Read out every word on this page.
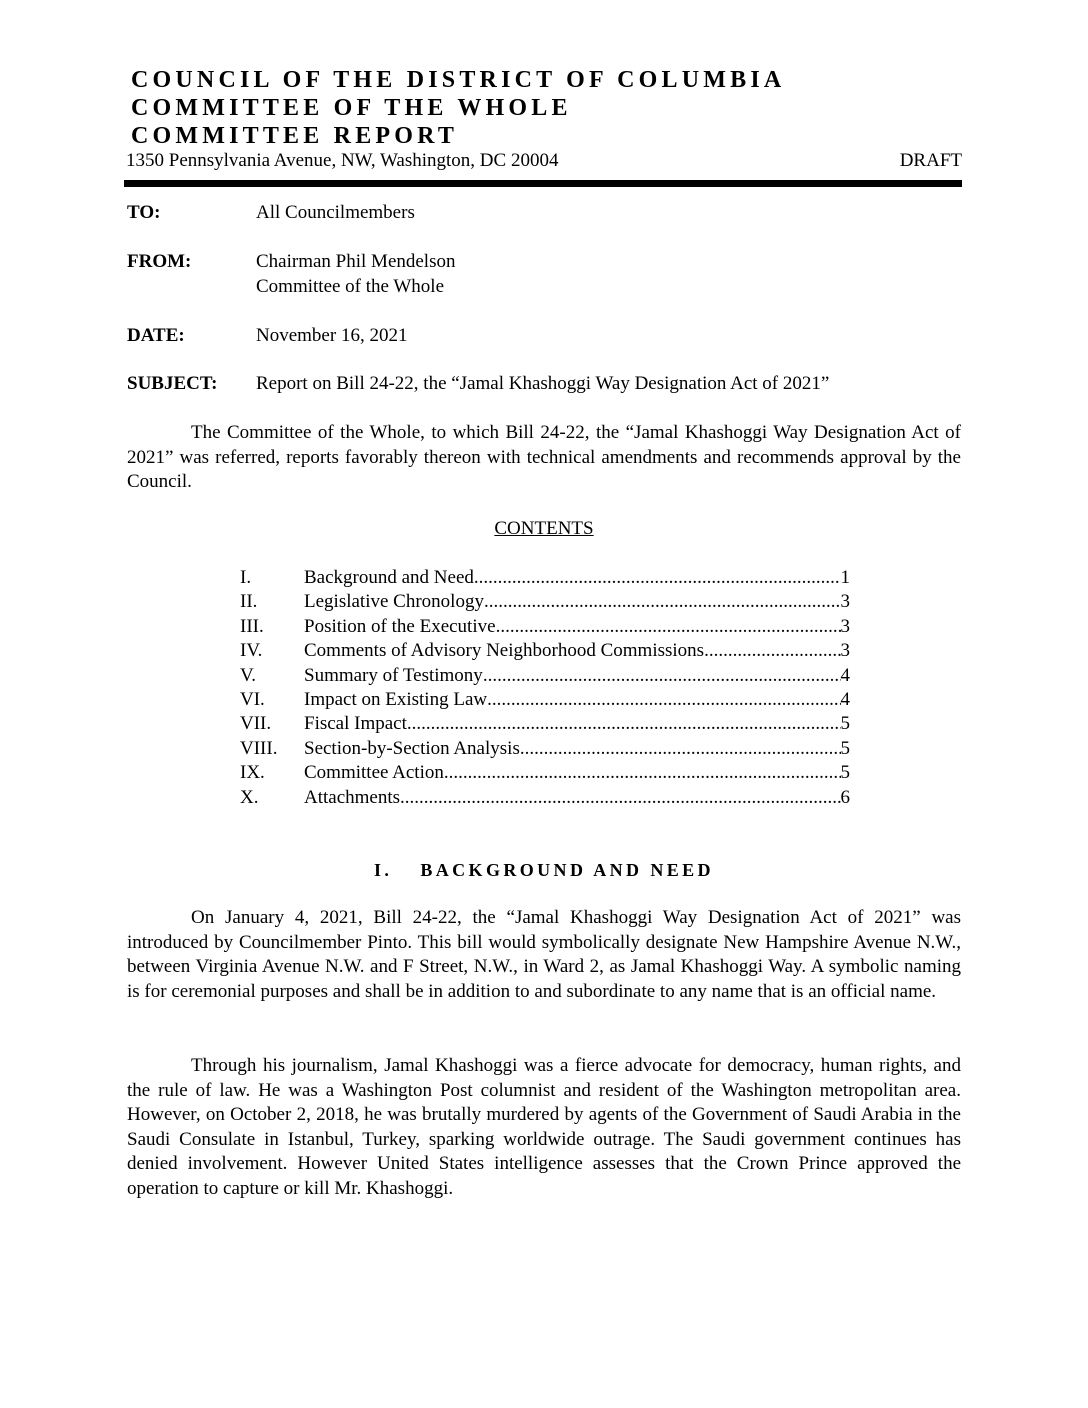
COUNCIL OF THE DISTRICT OF COLUMBIA
COMMITTEE OF THE WHOLE
COMMITTEE REPORT
1350 Pennsylvania Avenue, NW, Washington, DC 20004	DRAFT
TO:	All Councilmembers
FROM:	Chairman Phil Mendelson
Committee of the Whole
DATE:	November 16, 2021
SUBJECT: Report on Bill 24-22, the “Jamal Khashoggi Way Designation Act of 2021”

The Committee of the Whole, to which Bill 24-22, the “Jamal Khashoggi Way Designation Act of 2021” was referred, reports favorably thereon with technical amendments and recommends approval by the Council.

CONTENTS
I.	Background and Need .....	1
II. Legislative Chronology .....	3
III. Position of the Executive .....	3
IV. Comments of Advisory Neighborhood Commissions .....	3
V.	Summary of Testimony .....	4
VI. Impact on Existing Law .....	4
VII. Fiscal Impact .....	5
VIII. Section-by-Section Analysis .....	5
IX. Committee Action .....	5
X. Attachments .....	6
I. BACKGROUND AND NEED

On January 4, 2021, Bill 24-22, the “Jamal Khashoggi Way Designation Act of 2021” was introduced by Councilmember Pinto. This bill would symbolically designate New Hampshire Avenue N.W., between Virginia Avenue N.W. and F Street, N.W., in Ward 2, as Jamal Khashoggi Way. A symbolic naming is for ceremonial purposes and shall be in addition to and subordinate to any name that is an official name.

Through his journalism, Jamal Khashoggi was a fierce advocate for democracy, human rights, and the rule of law. He was a Washington Post columnist and resident of the Washington metropolitan area. However, on October 2, 2018, he was brutally murdered by agents of the Government of Saudi Arabia in the Saudi Consulate in Istanbul, Turkey, sparking worldwide outrage. The Saudi government continues has denied involvement. However United States intelligence assesses that the Crown Prince approved the operation to capture or kill Mr. Khashoggi.
